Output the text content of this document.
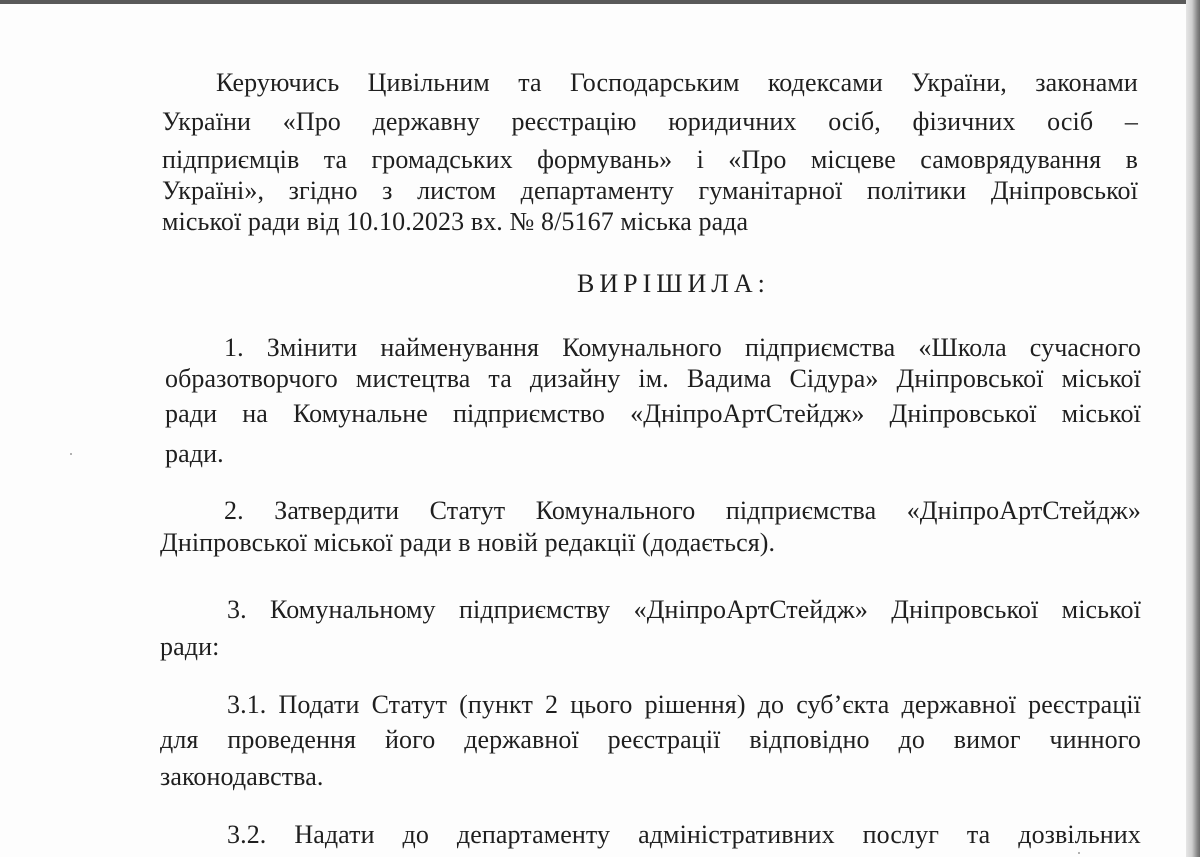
Керуючись Цивільним та Господарським кодексами України, законами
України «Про державну реєстрацію юридичних осіб, фізичних осіб –
підприємців та громадських формувань» і «Про місцеве самоврядування в
Україні», згідно з листом департаменту гуманітарної політики Дніпровської
міської ради від 10.10.2023 вх. № 8/5167 міська рада
ВИРІШИЛА:
1. Змінити найменування Комунального підприємства «Школа сучасного
образотворчого мистецтва та дизайну ім. Вадима Сідура» Дніпровської міської
ради на Комунальне підприємство «ДніпроАртСтейдж» Дніпровської міської
ради.
2. Затвердити Статут Комунального підприємства «ДніпроАртСтейдж»
Дніпровської міської ради в новій редакції (додається).
3. Комунальному підприємству «ДніпроАртСтейдж» Дніпровської міської
ради:
3.1. Подати Статут (пункт 2 цього рішення) до суб’єкта державної реєстрації
для проведення його державної реєстрації відповідно до вимог чинного
законодавства.
3.2. Надати до департаменту адміністративних послуг та дозвільних
